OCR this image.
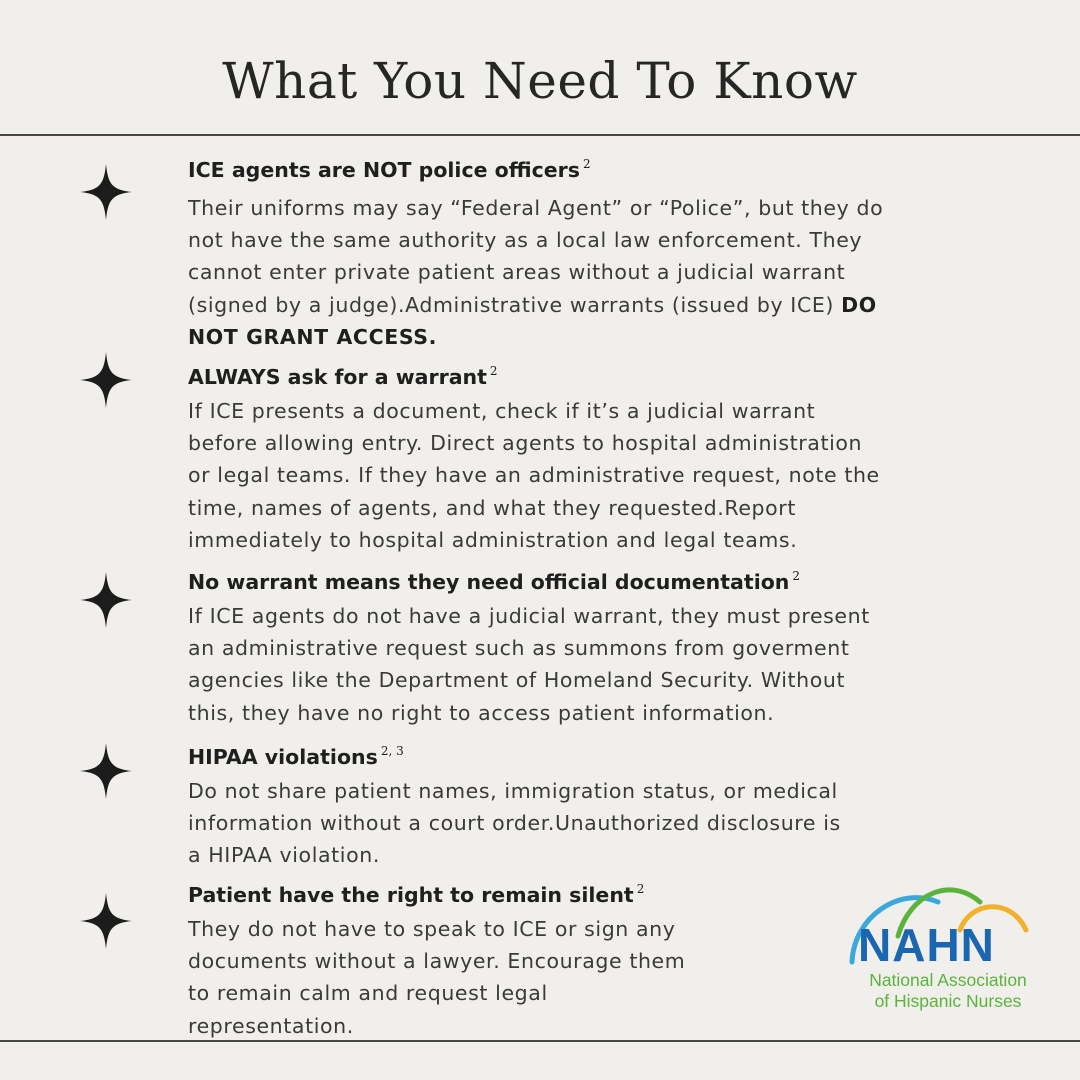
What You Need To Know
ICE agents are NOT police officers $^2$
Their uniforms may say “Federal Agent” or “Police”, but they do
not have the same authority as a local law enforcement. They
cannot enter private patient areas without a judicial warrant
(signed by a judge).Administrative warrants (issued by ICE) DO
NOT GRANT ACCESS.
ALWAYS ask for a warrant $^2$
If ICE presents a document, check if it’s a judicial warrant
before allowing entry. Direct agents to hospital administration
or legal teams. If they have an administrative request, note the
time, names of agents, and what they requested.Report
immediately to hospital administration and legal teams.
No warrant means they need official documentation $^2$
If ICE agents do not have a judicial warrant, they must present
an administrative request such as summons from goverment
agencies like the Department of Homeland Security. Without
this, they have no right to access patient information.
HIPAA violations $^{2, 3}$
Do not share patient names, immigration status, or medical
information without a court order.Unauthorized disclosure is
a HIPAA violation.
Patient have the right to remain silent $^2$
They do not have to speak to ICE or sign any
documents without a lawyer. Encourage them
to remain calm and request legal
representation.
NAHN
National Association
of Hispanic Nurses
